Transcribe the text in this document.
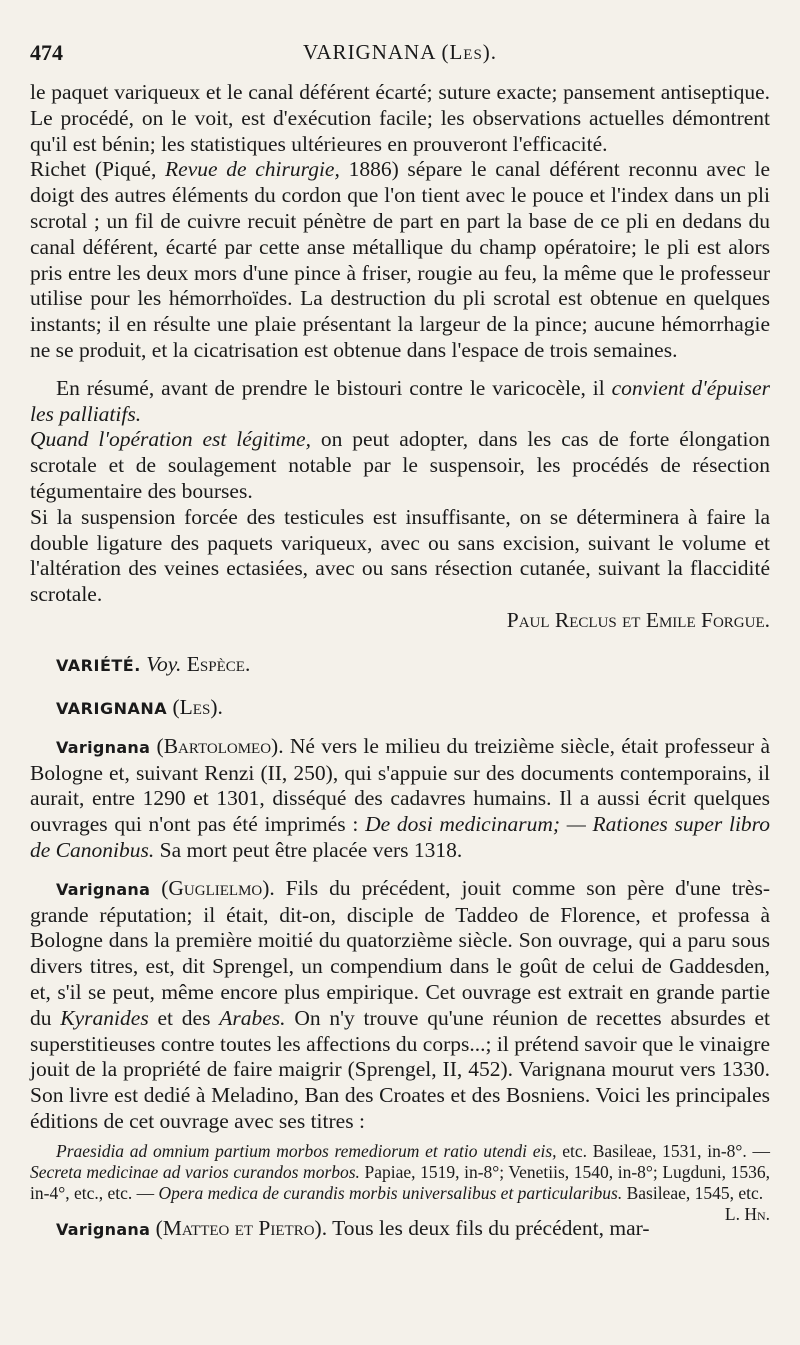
474	VARIGNANA (Les).

le paquet variqueux et le canal déférent écarté; suture exacte; pansement antiseptique. Le procédé, on le voit, est d'exécution facile; les observations actuelles démontrent qu'il est bénin; les statistiques ultérieures en prouveront l'efficacité.

Richet (Piqué, Revue de chirurgie, 1886) sépare le canal déférent reconnu avec le doigt des autres éléments du cordon que l'on tient avec le pouce et l'index dans un pli scrotal ; un fil de cuivre recuit pénètre de part en part la base de ce pli en dedans du canal déférent, écarté par cette anse métallique du champ opératoire; le pli est alors pris entre les deux mors d'une pince à friser, rougie au feu, la même que le professeur utilise pour les hémorrhoïdes. La destruction du pli scrotal est obtenue en quelques instants; il en résulte une plaie présentant la largeur de la pince; aucune hémorrhagie ne se produit, et la cicatrisation est obtenue dans l'espace de trois semaines.

En résumé, avant de prendre le bistouri contre le varicocèle, il convient d'épuiser les palliatifs.

Quand l'opération est légitime, on peut adopter, dans les cas de forte élongation scrotale et de soulagement notable par le suspensoir, les procédés de résection tégumentaire des bourses.

Si la suspension forcée des testicules est insuffisante, on se déterminera à faire la double ligature des paquets variqueux, avec ou sans excision, suivant le volume et l'altération des veines ectasiées, avec ou sans résection cutanée, suivant la flaccidité scrotale.
Paul Reclus et Emile Forgue.

VARIÉTÉ. Voy. Espèce.
VARIGNANA (Les).

Varignana (Bartolomeo). Né vers le milieu du treizième siècle, était professeur à Bologne et, suivant Renzi (II, 250), qui s'appuie sur des documents contemporains, il aurait, entre 1290 et 1301, disséqué des cadavres humains. Il a aussi écrit quelques ouvrages qui n'ont pas été imprimés : De dosi medicinarum; — Rationes super libro de Canonibus. Sa mort peut être placée vers 1318.

Varignana (Guglielmo). Fils du précédent, jouit comme son père d'une très-grande réputation; il était, dit-on, disciple de Taddeo de Florence, et professa à Bologne dans la première moitié du quatorzième siècle. Son ouvrage, qui a paru sous divers titres, est, dit Sprengel, un compendium dans le goût de celui de Gaddesden, et, s'il se peut, même encore plus empirique. Cet ouvrage est extrait en grande partie du Kyranides et des Arabes. On n'y trouve qu'une réunion de recettes absurdes et superstitieuses contre toutes les affections du corps...; il prétend savoir que le vinaigre jouit de la propriété de faire maigrir (Sprengel, II, 452). Varignana mourut vers 1330. Son livre est dedié à Meladino, Ban des Croates et des Bosniens. Voici les principales éditions de cet ouvrage avec ses titres :

Praesidia ad omnium partium morbos remediorum et ratio utendi eis, etc. Basileae, 1531, in-8°. — Secreta medicinae ad varios curandos morbos. Papiae, 1519, in-8°; Venetiis, 1540, in-8°; Lugduni, 1536, in-4°, etc., etc. — Opera medica de curandis morbis universalibus et particularibus. Basileae, 1545, etc.
L. Hn.

Varignana (Matteo et Pietro). Tous les deux fils du précédent, mar-
